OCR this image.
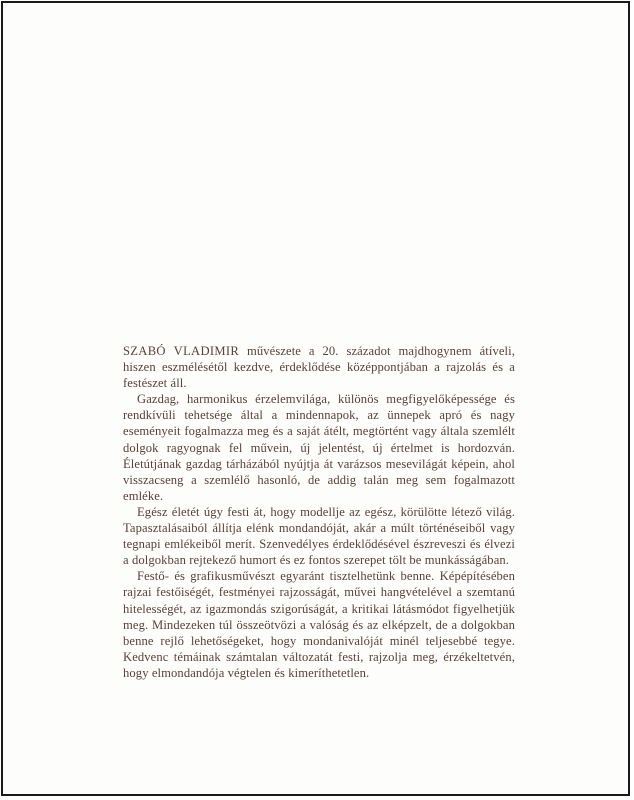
SZABÓ VLADIMIR művészete a 20. századot majdhogynem átíveli, hiszen eszmélésétől kezdve, érdeklődése középpontjában a rajzolás és a festészet áll.

Gazdag, harmonikus érzelemvilága, különös megfigyelőképessége és rendkívüli tehetsége által a mindennapok, az ünnepek apró és nagy eseményeit fogalmazza meg és a saját átélt, megtörtént vagy általa szemlélt dolgok ragyognak fel művein, új jelentést, új értelmet is hordozván. Életútjának gazdag tárházából nyújtja át varázsos mesevilágát képein, ahol visszacseng a szemlélő hasonló, de addig talán meg sem fogalmazott emléke.

Egész életét úgy festi át, hogy modellje az egész, körülötte létező világ. Tapasztalásaiból állítja elénk mondandóját, akár a múlt történéseiből vagy tegnapi emlékeiből merít. Szenvedélyes érdeklődésével észreveszi és élvezi a dolgokban rejtekező humort és ez fontos szerepet tölt be munkásságában.

Festő- és grafikusművészt egyaránt tisztelhetünk benne. Képépítésében rajzai festőiségét, festményei rajzosságát, művei hangvételével a szemtanú hitelességét, az igazmondás szigorúságát, a kritikai látásmódot figyelhetjük meg. Mindezeken túl összeötvözi a valóság és az elképzelt, de a dolgokban benne rejlő lehetőségeket, hogy mondanivalóját minél teljesebbé tegye. Kedvenc témáinak számtalan változatát festi, rajzolja meg, érzékeltetvén, hogy elmondandója végtelen és kimeríthetetlen.
